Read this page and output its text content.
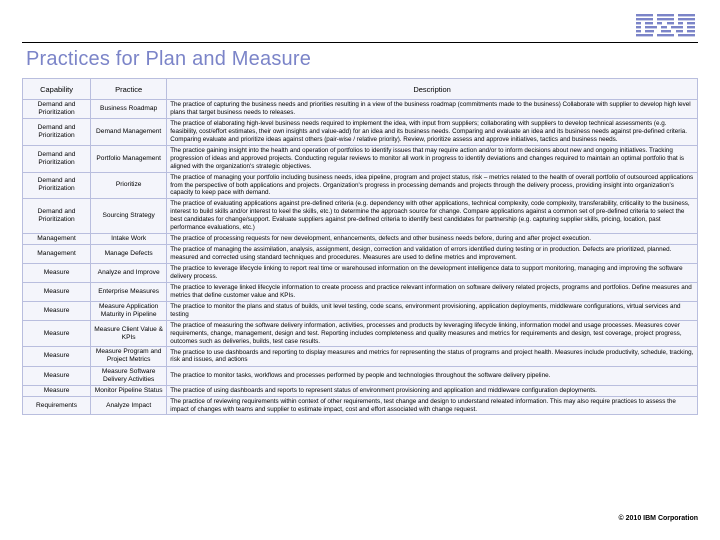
Practices for Plan and Measure
Capability	Practice	Description
Demand and Prioritization	Business Roadmap	The practice of capturing the business needs and priorities resulting in a view of the business roadmap (commitments made to the business) Collaborate with supplier to develop high level plans that target business needs to releases.
Demand and Prioritization	Demand Management	The practice of elaborating high-level business needs required to implement the idea, with input from suppliers; collaborating with suppliers to develop technical assessments (e.g. feasibility, cost/effort estimates, their own insights and value-add) for an idea and its business needs. Comparing and evaluate an idea and its business needs against pre-defined criteria. Comparing evaluate and prioritize ideas against others (pair-wise / relative priority). Review, prioritize assess and approve initiatives, tactics and business needs.
Demand and Prioritization	Portfolio Management	The practice gaining insight into the health and operation of portfolios to identify issues that may require action and/or to inform decisions about new and ongoing initiatives. Tracking progression of ideas and approved projects. Conducting regular reviews to monitor all work in progress to identify deviations and changes required to maintain an optimal portfolio that is aligned with the organization's strategic objectives.
Demand and Prioritization	Prioritize	The practice of managing your portfolio including business needs, idea pipeline, program and project status, risk – metrics related to the health of overall portfolio of outsourced applications from the perspective of both applications and projects. Organization's progress in processing demands and projects through the delivery process, providing insight into organization's capacity to keep pace with demand.
Demand and Prioritization	Sourcing Strategy	The practice of evaluating applications against pre-defined criteria (e.g. dependency with other applications, technical complexity, code complexity, transferability, criticality to the business, interest to build skills and/or interest to keel the skills, etc.) to determine the approach source for change. Compare applications against a common set of pre-defined criteria to select the best candidates for change/support. Evaluate suppliers against pre-defined criteria to identify best candidates for partnership (e.g. capturing supplier skills, pricing, location, past performance evaluations, etc.)
Management	Intake Work	The practice of processing requests for new development, enhancements, defects and other business needs before, during and after project execution.
Management	Manage Defects	The practice of managing the assimilation, analysis, assignment, design, correction and validation of errors identified during testing or in production. Defects are prioritized, planned. measured and corrected using standard techniques and procedures. Measures are used to define metrics and improvement.
Measure	Analyze and Improve	The practice to leverage lifecycle linking to report real time or warehoused information on the development intelligence data to support monitoring, managing and improving the software delivery process.
Measure	Enterprise Measures	The practice to leverage linked lifecycle information to create process and practice relevant information on software delivery related projects, programs and portfolios. Define measures and metrics that define customer value and KPIs.
Measure	Measure Application Maturity in Pipeline	The practice to monitor the plans and status of builds, unit level testing, code scans, environment provisioning, application deployments, middleware configurations, virtual services and testing
Measure	Measure Client Value & KPIs	The practice of measuring the software delivery information, activities, processes and products by leveraging lifecycle linking, information model and usage processes. Measures cover requirements, change, management, design and test. Reporting includes completeness and quality measures and metrics for requirements and design, test coverage, project progress, outcomes such as deliveries, builds, test case results.
Measure	Measure Program and Project Metrics	The practice to use dashboards and reporting to display measures and metrics for representing the status of programs and project health. Measures include productivity, schedule, tracking, risk and issues, and actions
Measure	Measure Software Delivery Activities	The practice to monitor tasks, workflows and processes performed by people and technologies throughout the software delivery pipeline.
Measure	Monitor Pipeline Status	The practice of using dashboards and reports to represent status of environment provisioning and application and middleware configuration deployments.
Requirements	Analyze Impact	The practice of reviewing requirements within context of other requirements, test change and design to understand releated information. This may also require practices to assess the impact of changes with teams and supplier to estimate impact, cost and effort associated with change request.
© 2010 IBM Corporation
